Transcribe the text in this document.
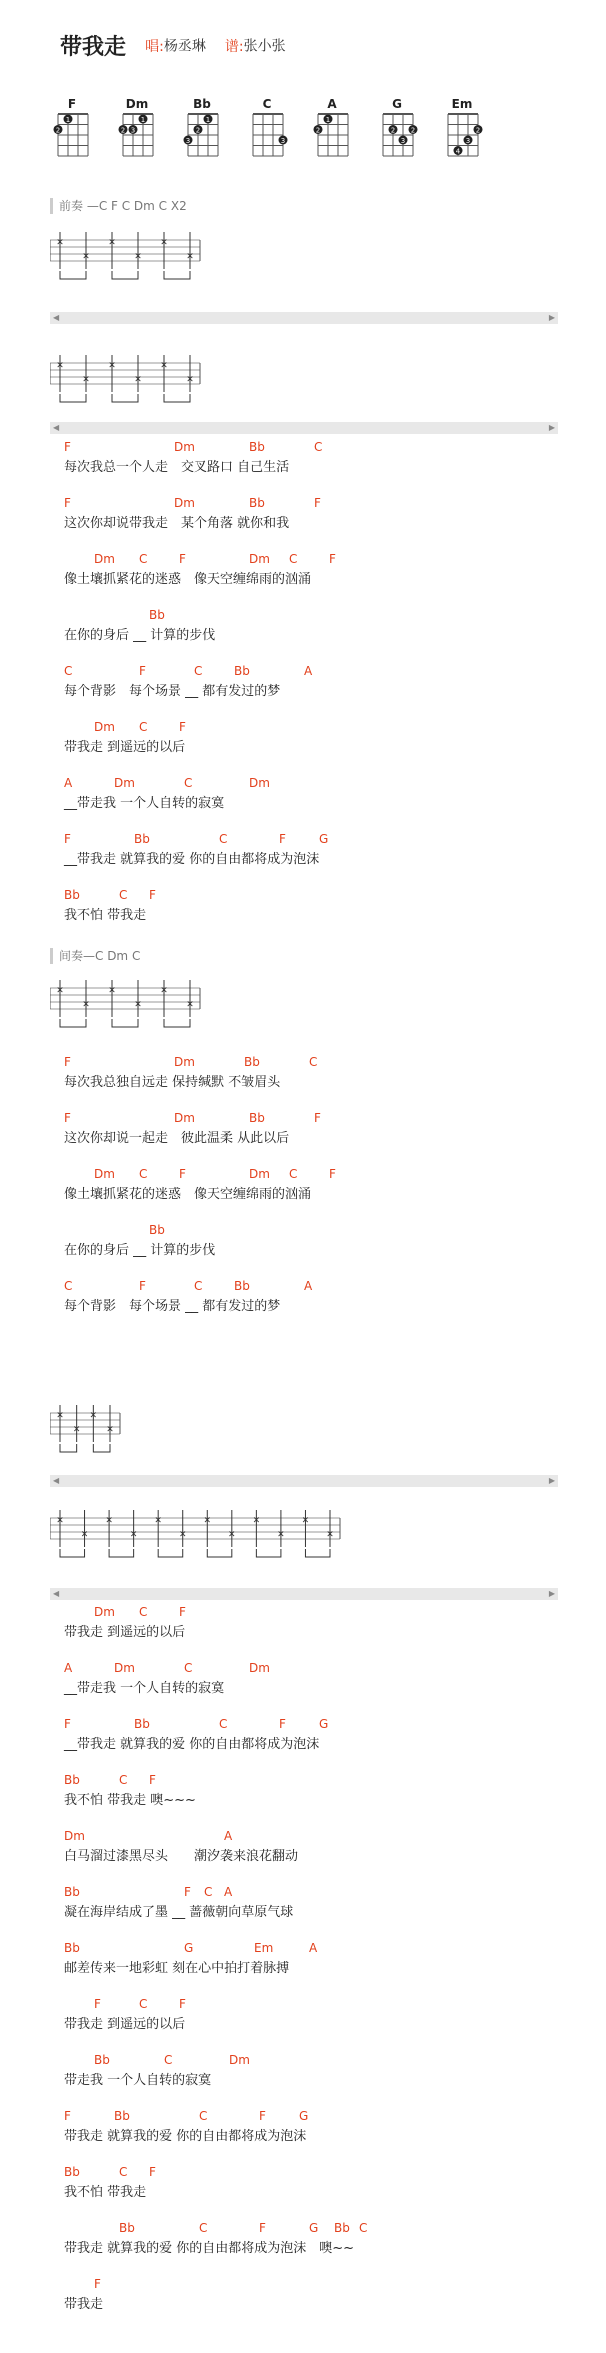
带我走 唱:杨丞琳 谱:张小张
F
2
1
Dm
2 3
1
Bb
3
2
1
C
3
A
2
1
G
2
3
2
Em
4
3
2
前奏 —C F C Dm C X2
✕
✕
✕
✕
✕
✕
◀	▶
✕
✕
✕
✕
✕
✕
◀	▶
F	Dm	Bb	C
每次我总一个人走　交叉路口 自己生活
F	Dm	Bb	F
这次你却说带我走　某个角落 就你和我
Dm C	F	Dm C	F
像土壤抓紧花的迷惑　像天空缠绵雨的汹涌
Bb
在你的身后 __ 计算的步伐
C	F	C	Bb	A
每个背影　每个场景 __ 都有发过的梦
Dm C	F
带我走 到遥远的以后
A	Dm	C	Dm
__带走我 一个人自转的寂寞
F	Bb	C	F	G
__带我走 就算我的爱 你的自由都将成为泡沫
Bb	C F
我不怕 带我走
间奏—C Dm C
✕
✕
✕
✕
✕
✕
F	Dm	Bb	C
每次我总独自远走 保持缄默 不皱眉头
F	Dm	Bb	F
这次你却说一起走　彼此温柔 从此以后
Dm C	F	Dm C	F
像土壤抓紧花的迷惑　像天空缠绵雨的汹涌
Bb
在你的身后 __ 计算的步伐
C	F	C	Bb	A
每个背影　每个场景 __ 都有发过的梦
✕
✕
✕
✕
◀	▶
✕
✕
✕
✕
✕
✕
✕
✕
✕
✕
✕
✕
◀	▶
Dm C	F
带我走 到遥远的以后
A	Dm	C	Dm
__带走我 一个人自转的寂寞
F	Bb	C	F	G
__带我走 就算我的爱 你的自由都将成为泡沫
Bb	C F
我不怕 带我走 噢~~~
Dm	A
白马溜过漆黑尽头　　潮汐袭来浪花翻动
Bb	F C A
凝在海岸结成了墨 __ 蔷薇朝向草原气球
Bb	G	Em	A
邮差传来一地彩虹 刻在心中拍打着脉搏
F	C	F
带我走 到遥远的以后
Bb	C	Dm
带走我 一个人自转的寂寞
F	Bb	C	F	G
带我走 就算我的爱 你的自由都将成为泡沫
Bb	C F
我不怕 带我走
Bb	C	F	G Bb C
带我走 就算我的爱 你的自由都将成为泡沫　噢~~
F
带我走
